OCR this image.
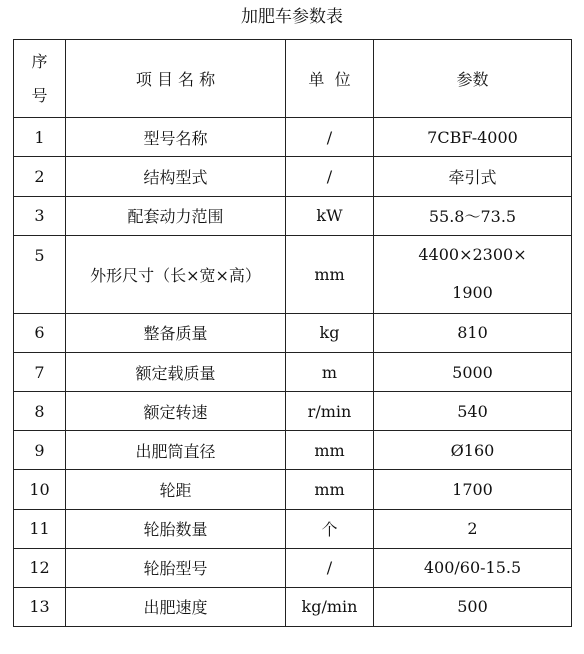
加肥车参数表
序
号	项 目 名 称	单  位	参数
1	型号名称	/	7CBF-4000
2	结构型式	/	牵引式
3	配套动力范围	kW	55.8～73.5
5	外形尺寸（长×宽×高）	mm	4400×2300×
1900
6	整备质量	kg	810
7	额定载质量	m	5000
8	额定转速	r/min	540
9	出肥筒直径	mm	Ø160
10	轮距	mm	1700
11	轮胎数量	个	2
12	轮胎型号	/	400/60-15.5
13	出肥速度	kg/min	500
